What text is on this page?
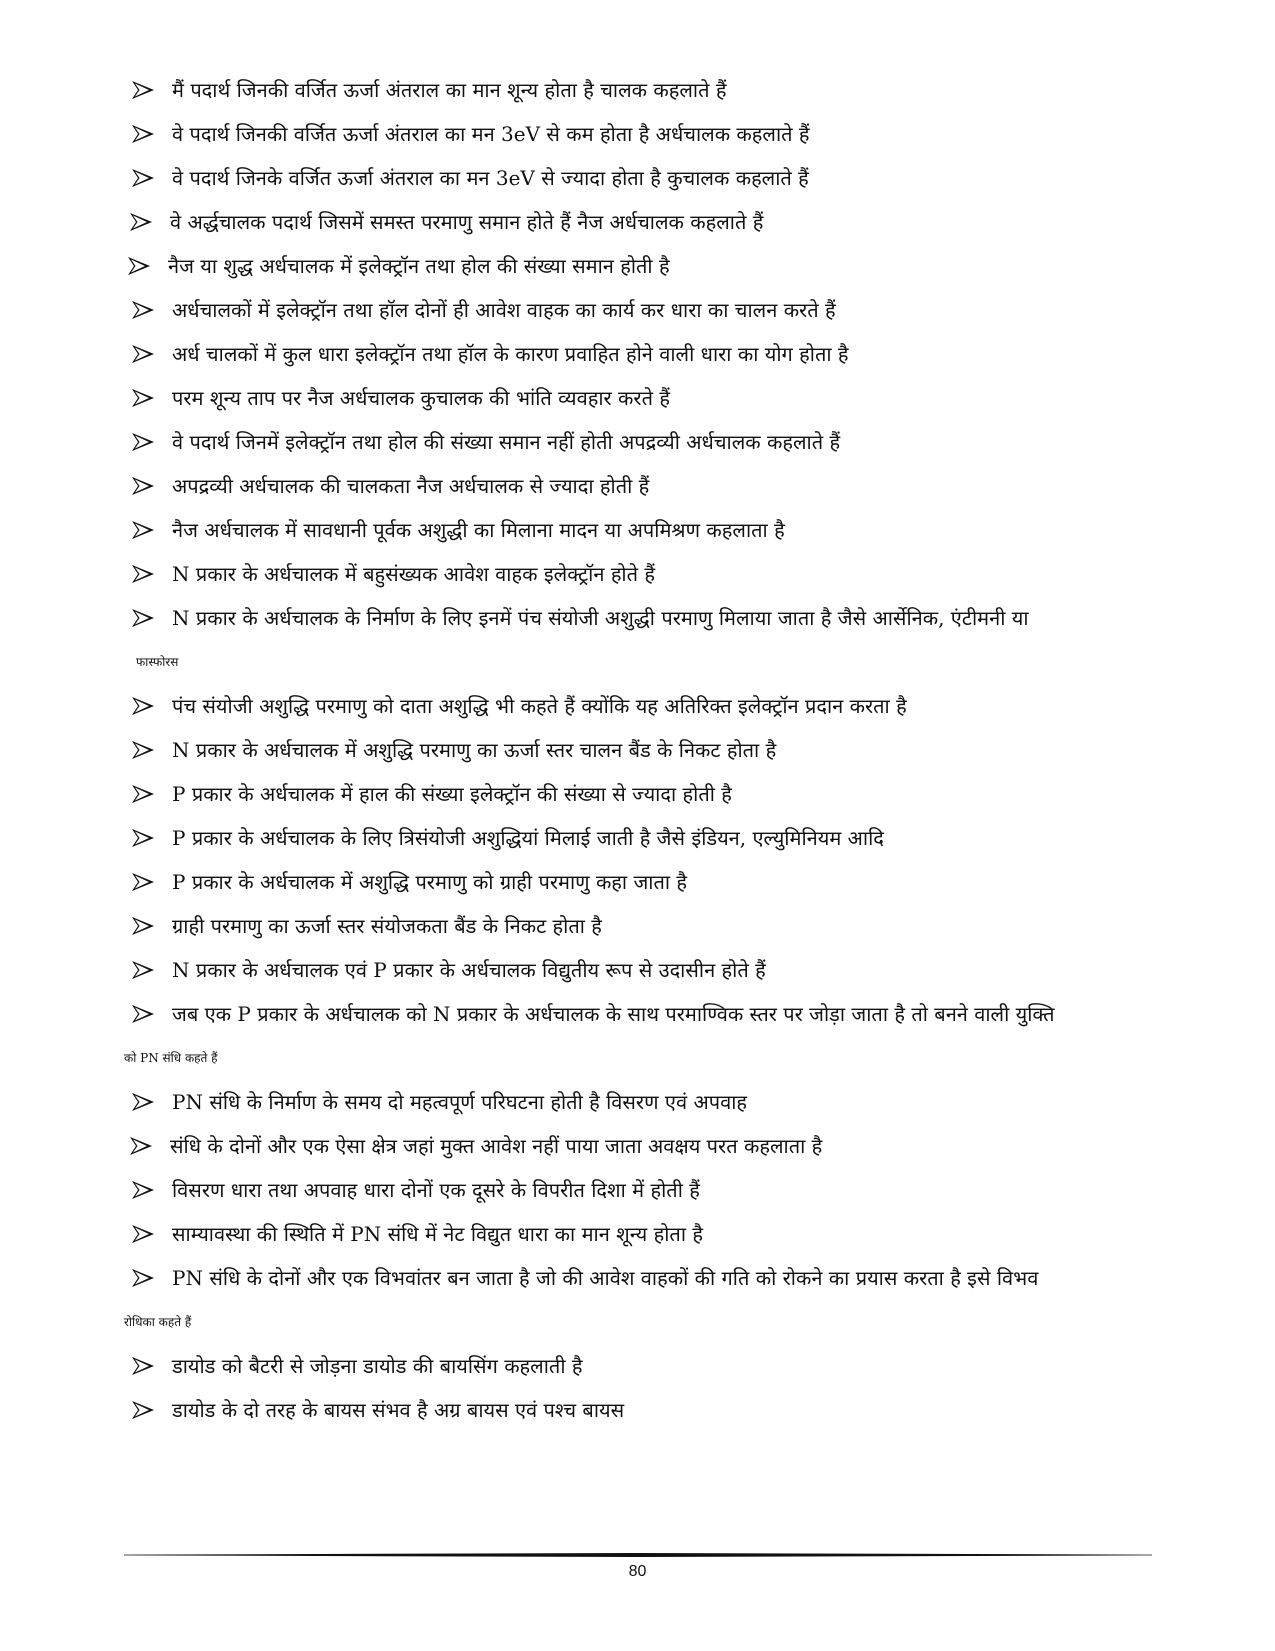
मैं पदार्थ जिनकी वर्जित ऊर्जा अंतराल का मान शून्य होता है चालक कहलाते हैं
वे पदार्थ जिनकी वर्जित ऊर्जा अंतराल का मन 3eV से कम होता है अर्धचालक कहलाते हैं
वे पदार्थ जिनके वर्जित ऊर्जा अंतराल का मन 3eV से ज्यादा होता है कुचालक कहलाते हैं
वे अर्द्धचालक पदार्थ जिसमें समस्त परमाणु समान होते हैं नैज अर्धचालक कहलाते हैं
नैज या शुद्ध अर्धचालक में इलेक्ट्रॉन तथा होल की संख्या समान होती है
अर्धचालकों में इलेक्ट्रॉन तथा हॉल दोनों ही आवेश वाहक का कार्य कर धारा का चालन करते हैं
अर्ध चालकों में कुल धारा इलेक्ट्रॉन तथा हॉल के कारण प्रवाहित होने वाली धारा का योग होता है
परम शून्य ताप पर नैज अर्धचालक कुचालक की भांति व्यवहार करते हैं
वे पदार्थ जिनमें इलेक्ट्रॉन तथा होल की संख्या समान नहीं होती अपद्रव्यी अर्धचालक कहलाते हैं
अपद्रव्यी अर्धचालक की चालकता नैज अर्धचालक से ज्यादा होती हैं
नैज अर्धचालक में सावधानी पूर्वक अशुद्धी का मिलाना मादन या अपमिश्रण कहलाता है
N प्रकार के अर्धचालक में बहुसंख्यक आवेश वाहक इलेक्ट्रॉन होते हैं
N प्रकार के अर्धचालक के निर्माण के लिए इनमें पंच संयोजी अशुद्धी परमाणु मिलाया जाता है जैसे आर्सेनिक, एंटीमनी या
फास्फोरस
पंच संयोजी अशुद्धि परमाणु को दाता अशुद्धि भी कहते हैं क्योंकि यह अतिरिक्त इलेक्ट्रॉन प्रदान करता है
N प्रकार के अर्धचालक में अशुद्धि परमाणु का ऊर्जा स्तर चालन बैंड के निकट होता है
P प्रकार के अर्धचालक में हाल की संख्या इलेक्ट्रॉन की संख्या से ज्यादा होती है
P प्रकार के अर्धचालक के लिए त्रिसंयोजी अशुद्धियां मिलाई जाती है जैसे इंडियन, एल्युमिनियम आदि
P प्रकार के अर्धचालक में अशुद्धि परमाणु को ग्राही परमाणु कहा जाता है
ग्राही परमाणु का ऊर्जा स्तर संयोजकता बैंड के निकट होता है
N प्रकार के अर्धचालक एवं P प्रकार के अर्धचालक विद्युतीय रूप से उदासीन होते हैं
जब एक P प्रकार के अर्धचालक को N प्रकार के अर्धचालक के साथ परमाण्विक स्तर पर जोड़ा जाता है तो बनने वाली युक्ति
को PN संधि कहते हैं
PN संधि के निर्माण के समय दो महत्वपूर्ण परिघटना होती है विसरण एवं अपवाह
संधि के दोनों और एक ऐसा क्षेत्र जहां मुक्त आवेश नहीं पाया जाता अवक्षय परत कहलाता है
विसरण धारा तथा अपवाह धारा दोनों एक दूसरे के विपरीत दिशा में होती हैं
साम्यावस्था की स्थिति में PN संधि में नेट विद्युत धारा का मान शून्य होता है
PN संधि के दोनों और एक विभवांतर बन जाता है जो की आवेश वाहकों की गति को रोकने का प्रयास करता है इसे विभव
रोधिका कहते हैं
डायोड को बैटरी से जोड़ना डायोड की बायसिंग कहलाती है
डायोड के दो तरह के बायस संभव है अग्र बायस एवं पश्च बायस
80
